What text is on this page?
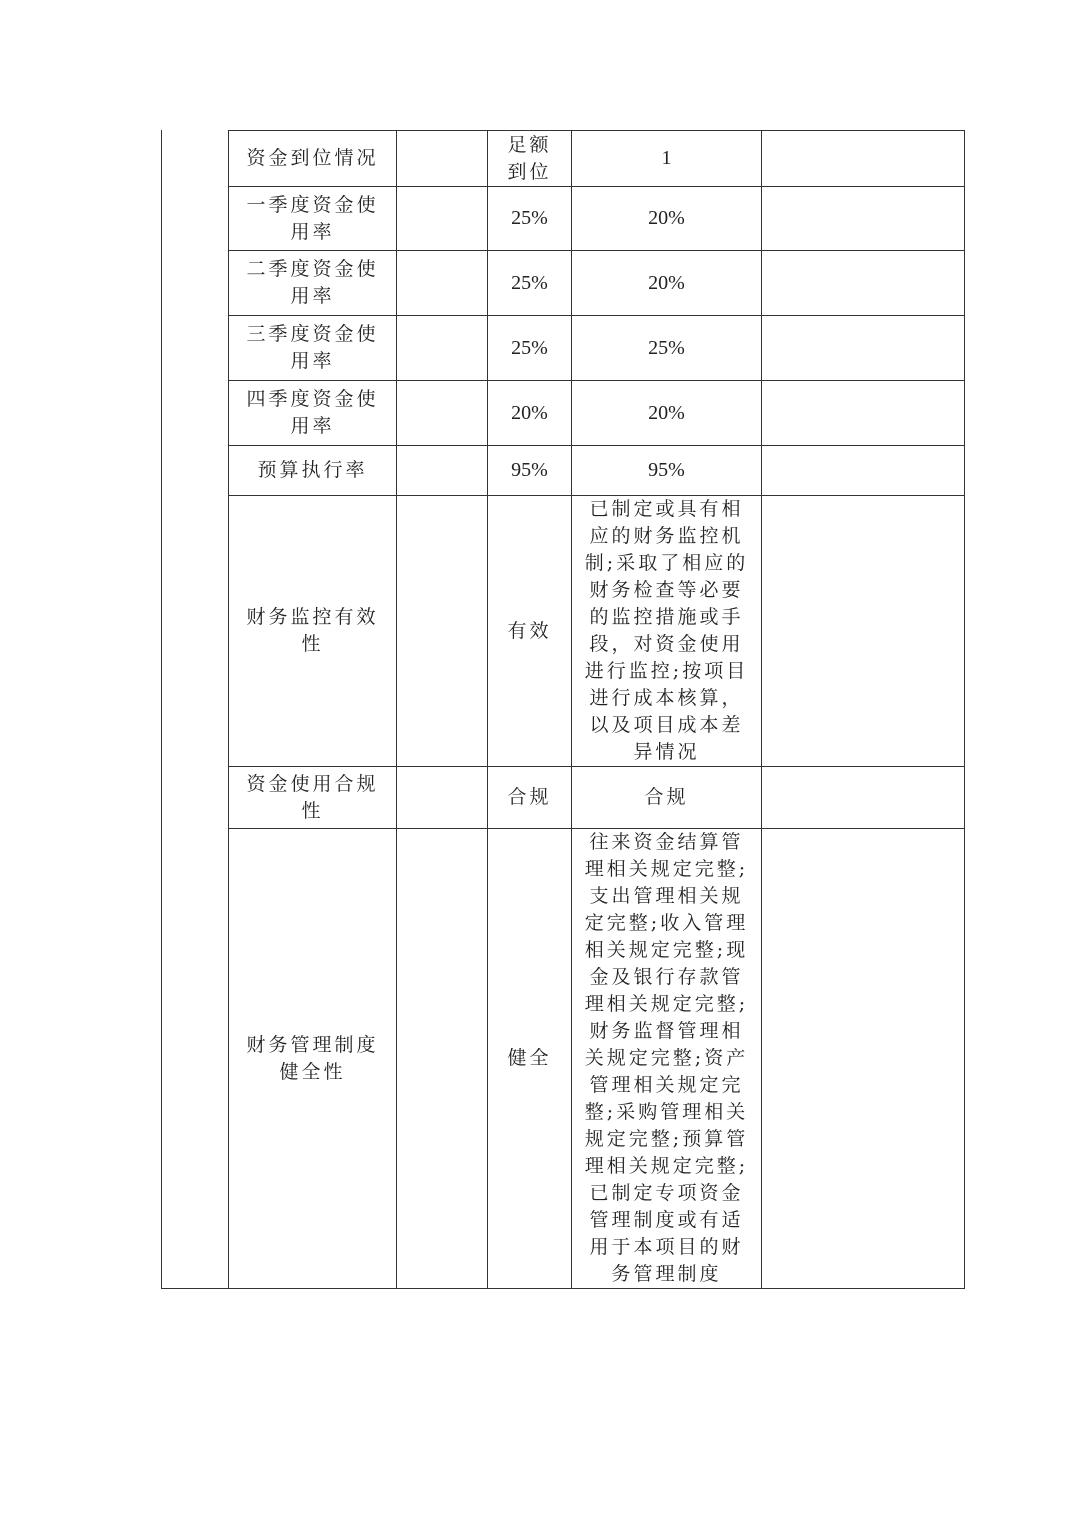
资金到位情况		足额到位	1	
一季度资金使用率		25%	20%	
二季度资金使用率		25%	20%	
三季度资金使用率		25%	25%	
四季度资金使用率		20%	20%	
预算执行率		95%	95%	
财务监控有效性		有效	已制定或具有相应的财务监控机制;采取了相应的财务检查等必要的监控措施或手段，对资金使用进行监控;按项目进行成本核算，以及项目成本差异情况	
资金使用合规性		合规	合规	
财务管理制度健全性		健全	往来资金结算管理相关规定完整;支出管理相关规定完整;收入管理相关规定完整;现金及银行存款管理相关规定完整;财务监督管理相关规定完整;资产管理相关规定完整;采购管理相关规定完整;预算管理相关规定完整;已制定专项资金管理制度或有适用于本项目的财务管理制度	
